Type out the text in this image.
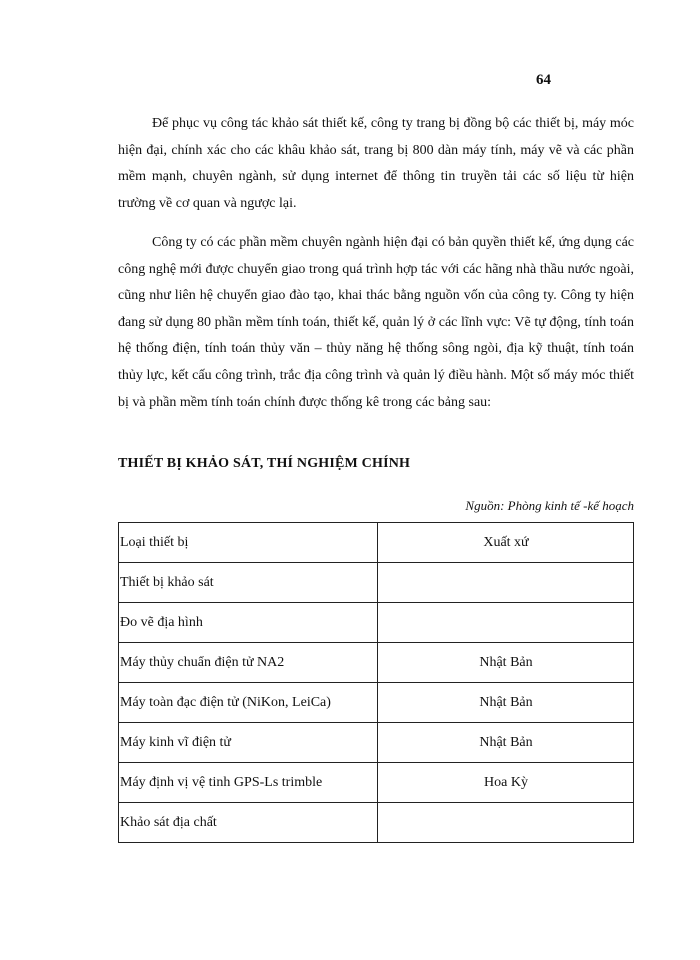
64

Để phục vụ công tác khảo sát thiết kế, công ty trang bị đồng bộ các thiết bị, máy móc hiện đại, chính xác cho các khâu khảo sát, trang bị 800 dàn máy tính, máy vẽ và các phần mềm mạnh, chuyên ngành, sử dụng internet để thông tin truyền tải các số liệu từ hiện trường về cơ quan và ngược lại.

Công ty có các phần mềm chuyên ngành hiện đại có bản quyền thiết kế, ứng dụng các công nghệ mới được chuyển giao trong quá trình hợp tác với các hãng nhà thầu nước ngoài, cũng như liên hệ chuyển giao đào tạo, khai thác bằng nguồn vốn của công ty. Công ty hiện đang sử dụng 80 phần mềm tính toán, thiết kế, quản lý ở các lĩnh vực: Vẽ tự động, tính toán hệ thống điện, tính toán thủy văn – thủy năng hệ thống sông ngòi, địa kỹ thuật, tính toán thủy lực, kết cấu công trình, trắc địa công trình và quản lý điều hành. Một số máy móc thiết bị và phần mềm tính toán chính được thống kê trong các bảng sau:

THIẾT BỊ KHẢO SÁT, THÍ NGHIỆM CHÍNH

Nguồn: Phòng kinh tế -kế hoạch

Loại thiết bị	Xuất xứ
Thiết bị khảo sát	
Đo vẽ địa hình	
Máy thủy chuẩn điện tử NA2	Nhật Bản
Máy toàn đạc điện tử (NiKon, LeiCa)	Nhật Bản
Máy kinh vĩ điện tử	Nhật Bản
Máy định vị vệ tinh GPS-Ls trimble	Hoa Kỳ
Khảo sát địa chất	
